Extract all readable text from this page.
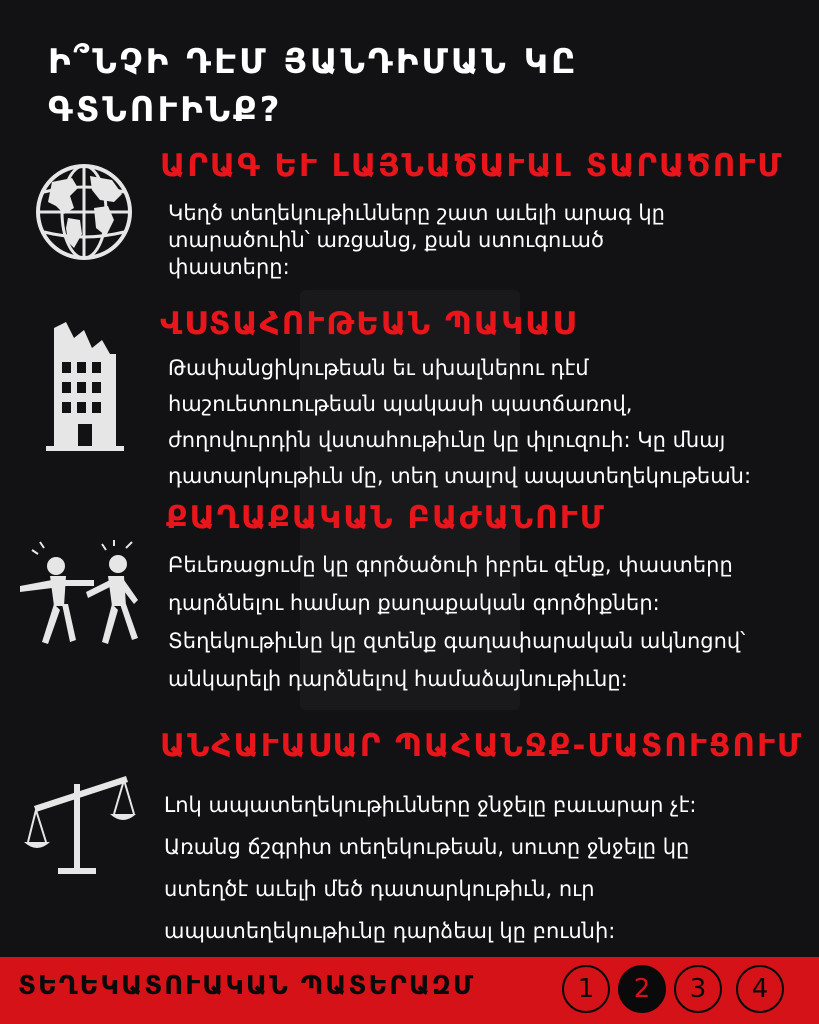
Ի՞ՆՉԻ ԴԷՄ ՅԱՆԴԻՄԱՆ ԿԸ ԳՏՆՈՒԻՆՔ?
ԱՐԱԳ ԵՒ ԼԱՅՆԱԾԱՒԱԼ ՏԱՐԱԾՈՒՄ
Կեղծ տեղեկութիւնները շատ աւելի արագ կը
տարածուին՝ առցանց, քան ստուգուած
փաստերը:
ՎՍՏԱՀՈՒԹԵԱՆ ՊԱԿԱՍ
Թափանցիկութեան եւ սխալներու դէմ
հաշուետուութեան պակասի պատճառով,
ժողովուրդին վստահութիւնը կը փլուզուի: Կը մնայ
դատարկութիւն մը, տեղ տալով ապատեղեկութեան:
ՔԱՂԱՔԱԿԱՆ ԲԱԺԱՆՈՒՄ
Բեւեռացումը կը գործածուի իբրեւ զէնք, փաստերը
դարձնելու համար քաղաքական գործիքներ:
Տեղեկութիւնը կը զտենք գաղափարական ակնոցով՝
անկարելի դարձնելով համաձայնութիւնը:
ԱՆՀԱՒԱՍԱՐ ՊԱՀԱՆՋՔ-ՄԱՏՈՒՑՈՒՄ
Լոկ ապատեղեկութիւնները ջնջելը բաւարար չէ:
Առանց ճշգրիտ տեղեկութեան, սուտը ջնջելը կը
ստեղծէ աւելի մեծ դատարկութիւն, ուր
ապատեղեկութիւնը դարձեալ կը բուսնի:
ՏԵՂԵԿԱՏՈՒԱԿԱՆ ՊԱՏԵՐԱԶՄ	1	2	3	4
